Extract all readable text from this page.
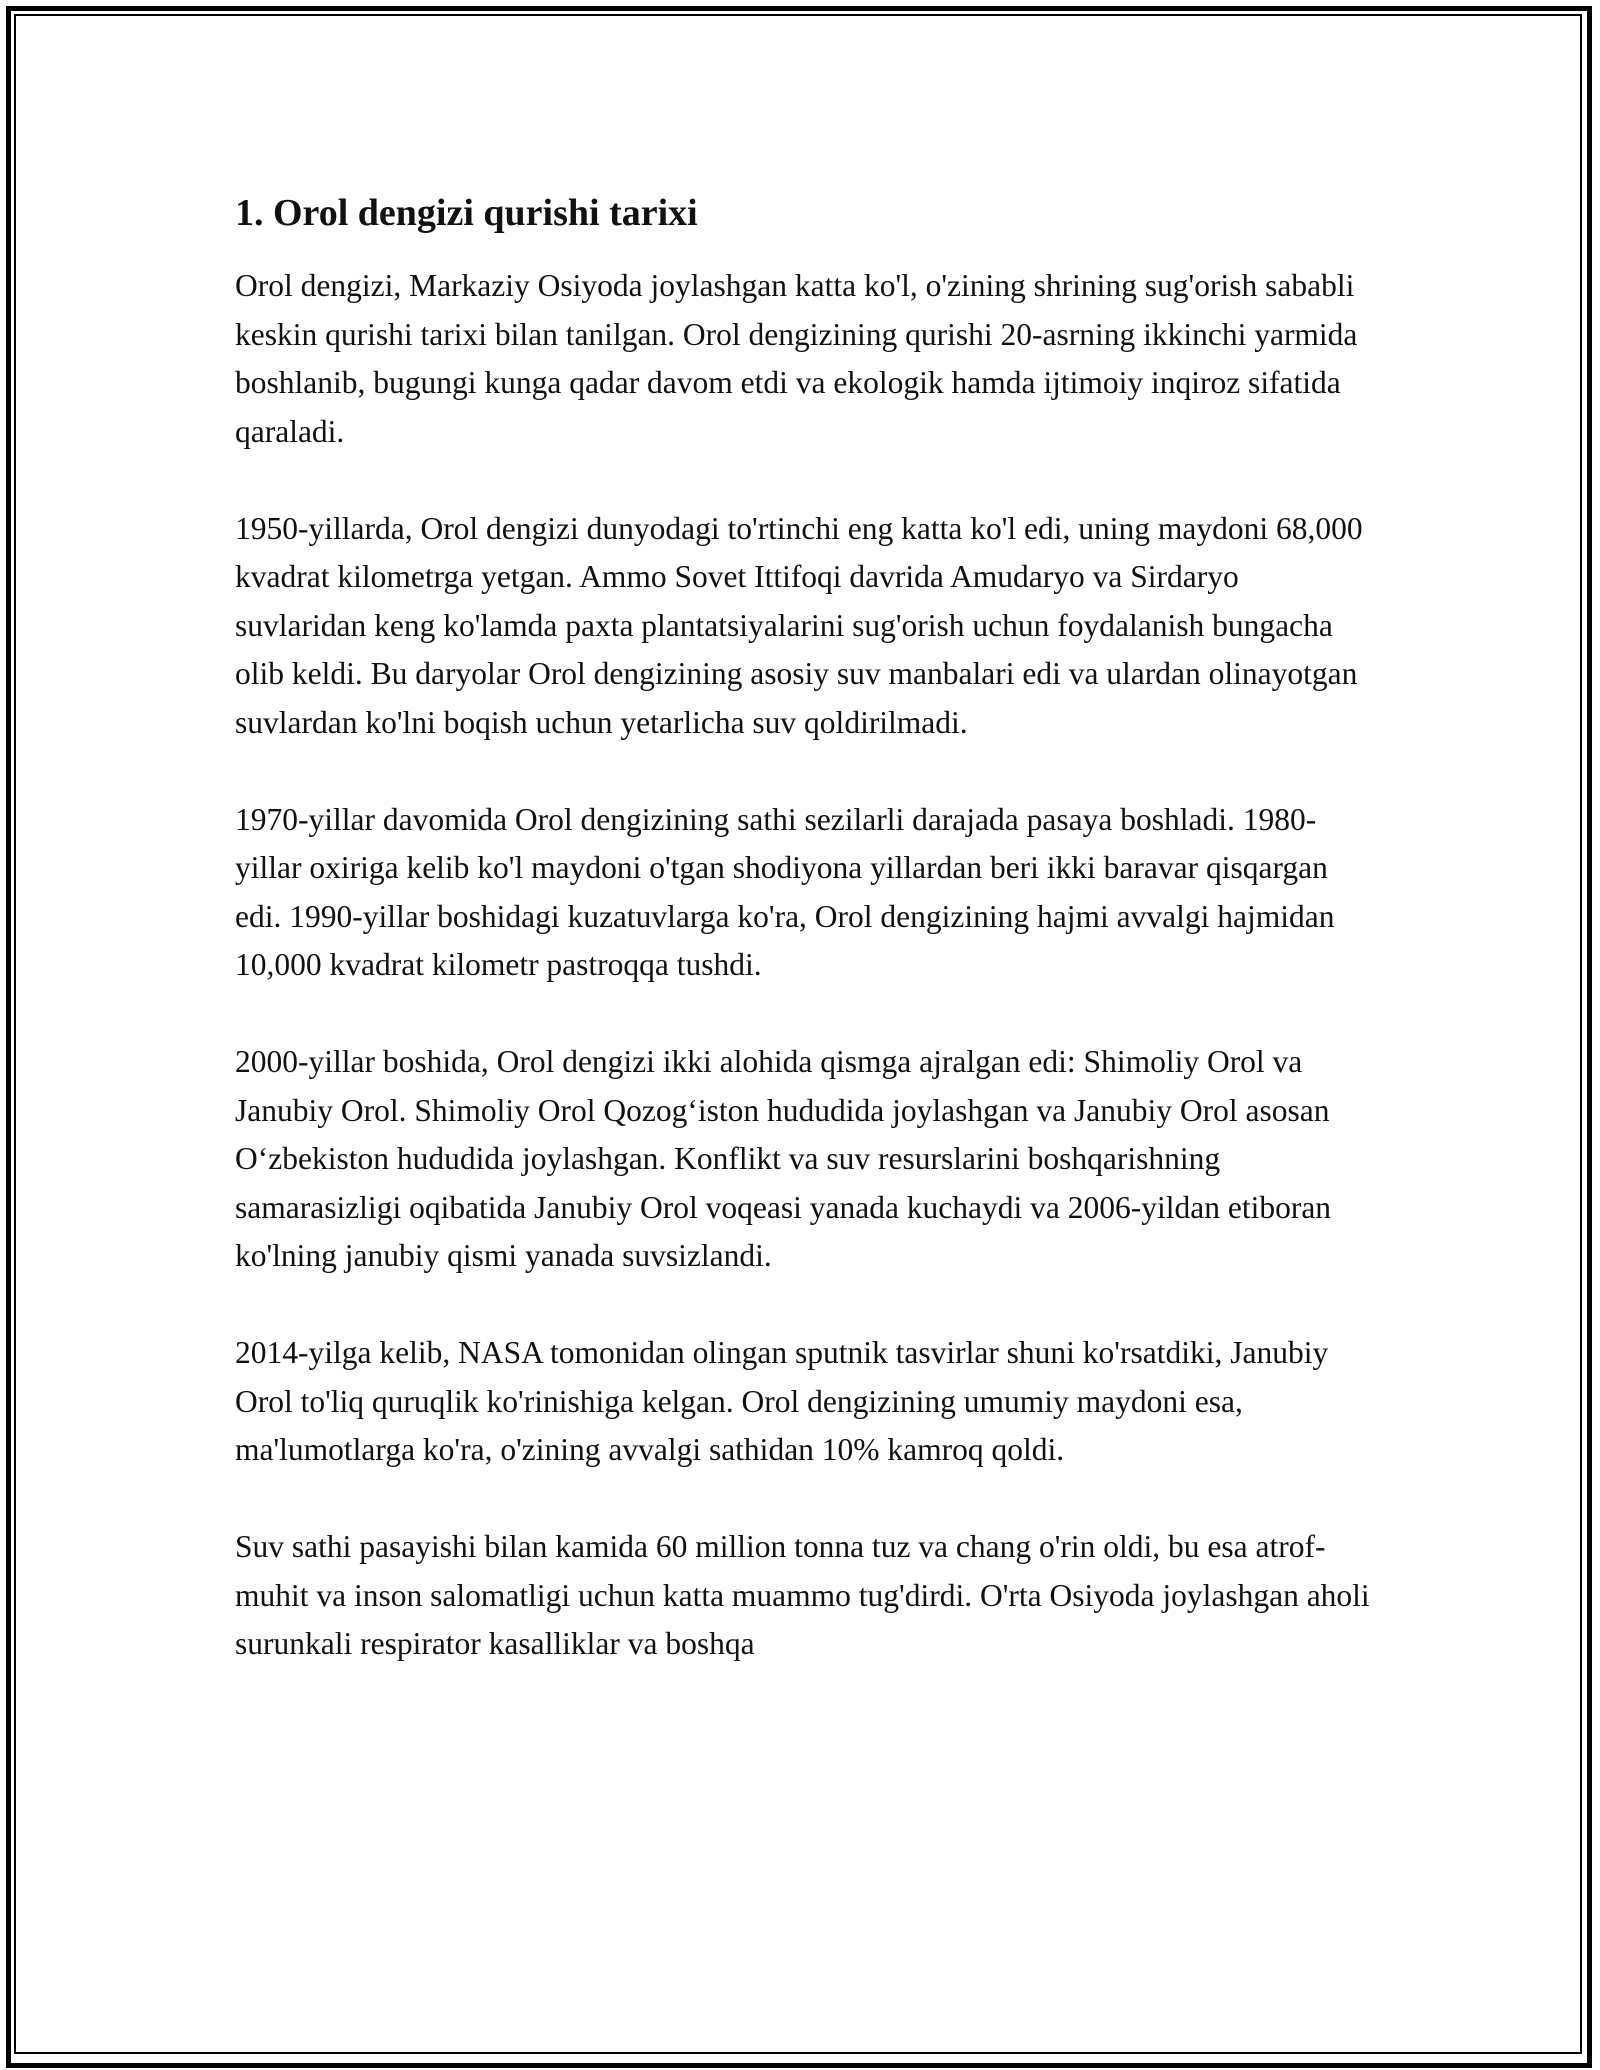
1. Orol dengizi qurishi tarixi

Orol dengizi, Markaziy Osiyoda joylashgan katta ko'l, o'zining shrining sug'orish sababli keskin qurishi tarixi bilan tanilgan. Orol dengizining qurishi 20-asrning ikkinchi yarmida boshlanib, bugungi kunga qadar davom etdi va ekologik hamda ijtimoiy inqiroz sifatida qaraladi.

1950-yillarda, Orol dengizi dunyodagi to'rtinchi eng katta ko'l edi, uning maydoni 68,000 kvadrat kilometrga yetgan. Ammo Sovet Ittifoqi davrida Amudaryo va Sirdaryo suvlaridan keng ko'lamda paxta plantatsiyalarini sug'orish uchun foydalanish bungacha olib keldi. Bu daryolar Orol dengizining asosiy suv manbalari edi va ulardan olinayotgan suvlardan ko'lni boqish uchun yetarlicha suv qoldirilmadi.

1970-yillar davomida Orol dengizining sathi sezilarli darajada pasaya boshladi. 1980-yillar oxiriga kelib ko'l maydoni o'tgan shodiyona yillardan beri ikki baravar qisqargan edi. 1990-yillar boshidagi kuzatuvlarga ko'ra, Orol dengizining hajmi avvalgi hajmidan 10,000 kvadrat kilometr pastroqqa tushdi.

2000-yillar boshida, Orol dengizi ikki alohida qismga ajralgan edi: Shimoliy Orol va Janubiy Orol. Shimoliy Orol Qozog‘iston hududida joylashgan va Janubiy Orol asosan O‘zbekiston hududida joylashgan. Konflikt va suv resurslarini boshqarishning samarasizligi oqibatida Janubiy Orol voqeasi yanada kuchaydi va 2006-yildan etiboran ko'lning janubiy qismi yanada suvsizlandi.

2014-yilga kelib, NASA tomonidan olingan sputnik tasvirlar shuni ko'rsatdiki, Janubiy Orol to'liq quruqlik ko'rinishiga kelgan. Orol dengizining umumiy maydoni esa, ma'lumotlarga ko'ra, o'zining avvalgi sathidan 10% kamroq qoldi.

Suv sathi pasayishi bilan kamida 60 million tonna tuz va chang o'rin oldi, bu esa atrof-muhit va inson salomatligi uchun katta muammo tug'dirdi. O'rta Osiyoda joylashgan aholi surunkali respirator kasalliklar va boshqa
